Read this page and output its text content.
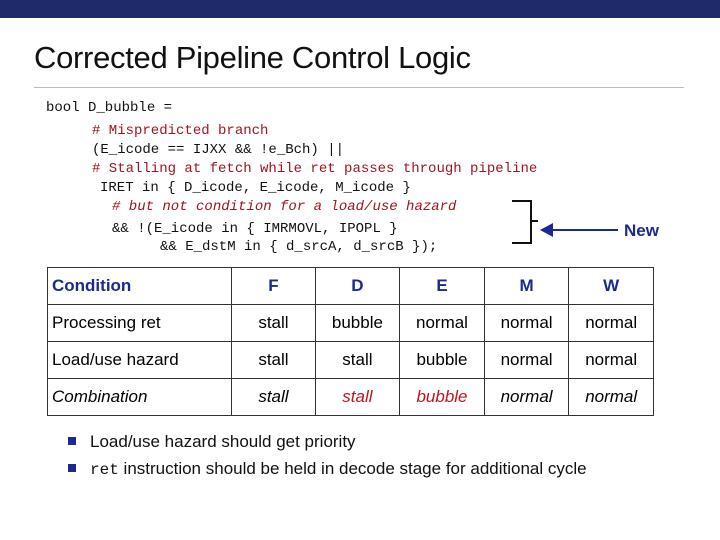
Corrected Pipeline Control Logic

bool D_bubble =

# Mispredicted branch

(E_icode == IJXX && !e_Bch) ||

# Stalling at fetch while ret passes through pipeline

IRET in { D_icode, E_icode, M_icode }

# but not condition for a load/use hazard

&& !(E_icode in { IMRMOVL, IPOPL }

&& E_dstM in { d_srcA, d_srcB });

New
Condition	F	D	E	M	W
Processing ret	stall	bubble	normal	normal	normal
Load/use hazard	stall	stall	bubble	normal	normal
Combination	stall	stall	bubble	normal	normal
Load/use hazard should get priority
ret instruction should be held in decode stage for additional cycle
